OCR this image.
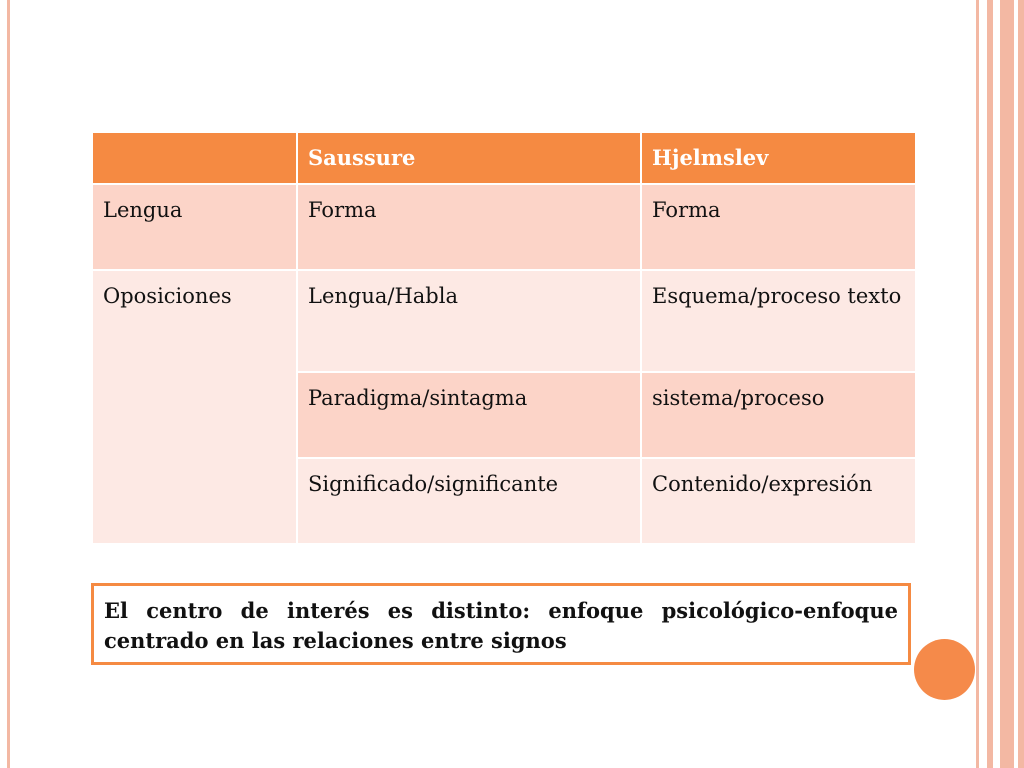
	Saussure	Hjelmslev
Lengua	Forma	Forma
Oposiciones	Lengua/Habla	Esquema/proceso texto
	Paradigma/sintagma	sistema/proceso
	Significado/significante	Contenido/expresión
El centro de interés es distinto: enfoque psicológico-enfoque centrado en las relaciones entre signos
